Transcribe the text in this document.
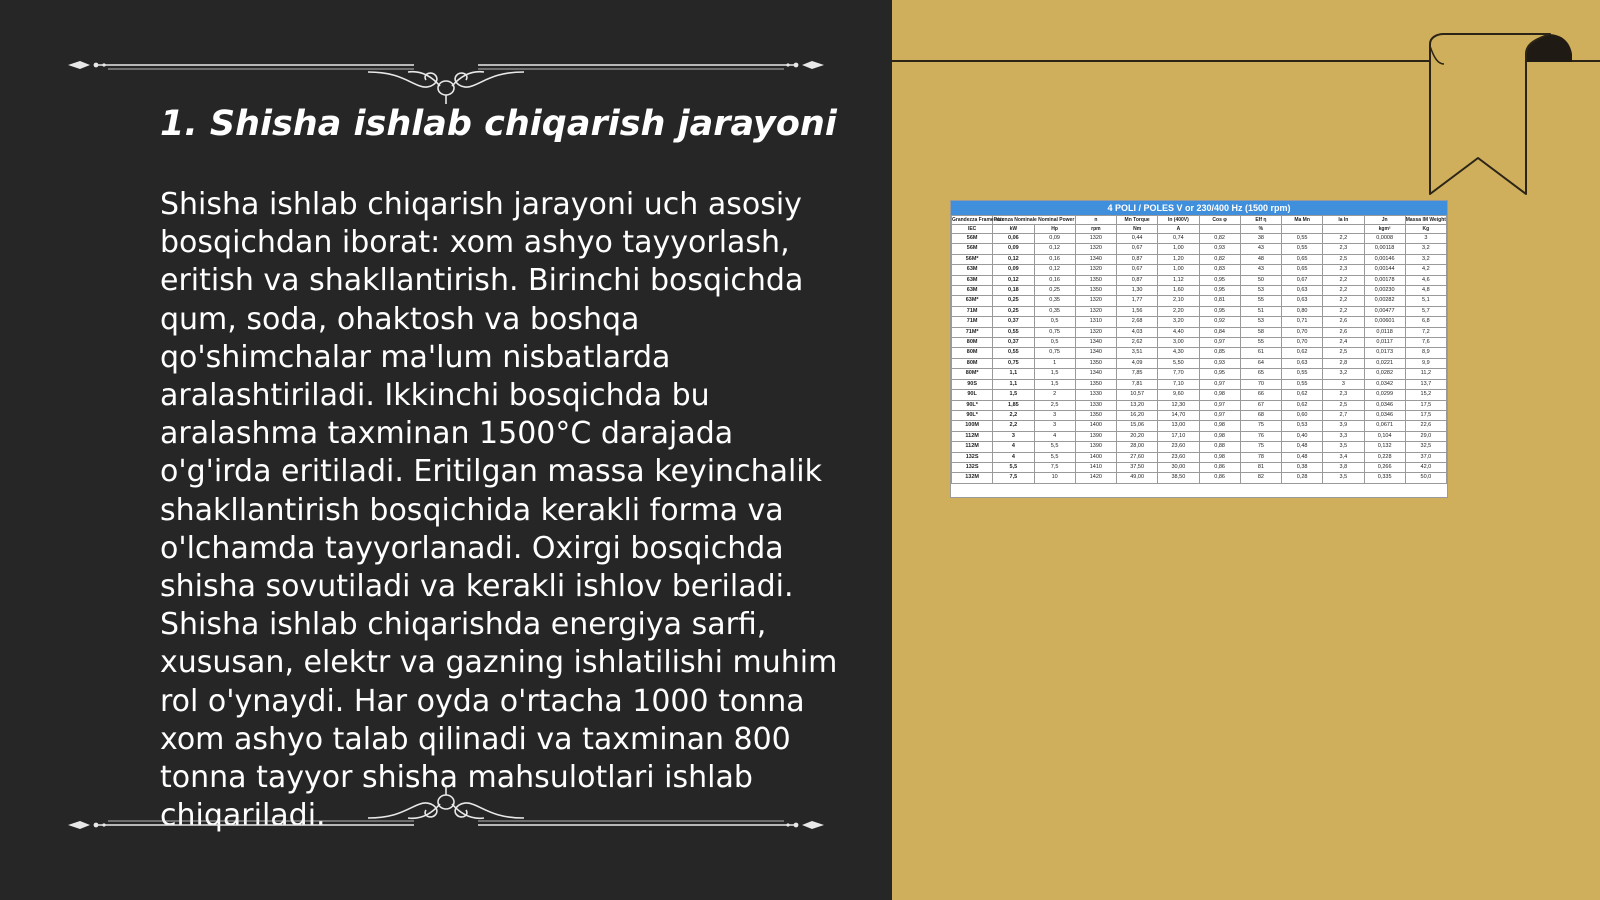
1. Shisha ishlab chiqarish jarayoni

Shisha ishlab chiqarish jarayoni uch asosiy bosqichdan iborat: xom ashyo tayyorlash, eritish va shakllantirish. Birinchi bosqichda qum, soda, ohaktosh va boshqa qo'shimchalar ma'lum nisbatlarda aralashtiriladi. Ikkinchi bosqichda bu aralashma taxminan 1500°C darajada o'g'irda eritiladi. Eritilgan massa keyinchalik shakllantirish bosqichida kerakli forma va o'lchamda tayyorlanadi. Oxirgi bosqichda shisha sovutiladi va kerakli ishlov beriladi. Shisha ishlab chiqarishda energiya sarfi, xususan, elektr va gazning ishlatilishi muhim rol o'ynaydi. Har oyda o'rtacha 1000 tonna xom ashyo talab qilinadi va taxminan 800 tonna tayyor shisha mahsulotlari ishlab chiqariladi.

4 POLI / POLES V or 230/400 Hz (1500 rpm)
Grandezza Frame size	Potenza Nominale Nominal Power		n	Mn Torque	In (400V)	Cos φ	Eff η	Ma Mn	Ia In	Jn	Massa IM Weight
IEC	kW	Hp	rpm	Nm	A		%			kgm²	Kg
56M	0,06	0,09	1320	0,44	0,74	0,82	38	0,55	2,2	0,0008	3
56M	0,09	0,12	1320	0,67	1,00	0,93	43	0,55	2,3	0,00118	3,2
56M*	0,12	0,16	1340	0,87	1,20	0,82	48	0,65	2,5	0,00146	3,2
63M	0,09	0,12	1320	0,67	1,00	0,83	43	0,65	2,3	0,00144	4,2
63M	0,12	0,16	1350	0,87	1,12	0,95	50	0,67	2,2	0,00178	4,6
63M	0,18	0,25	1350	1,30	1,60	0,95	53	0,63	2,2	0,00230	4,8
63M*	0,25	0,35	1320	1,77	2,10	0,81	55	0,63	2,2	0,00282	5,1
71M	0,25	0,35	1320	1,56	2,20	0,95	51	0,80	2,2	0,00477	5,7
71M	0,37	0,5	1310	2,68	3,20	0,92	53	0,71	2,6	0,00601	6,8
71M*	0,55	0,75	1320	4,03	4,40	0,84	58	0,70	2,6	0,0118	7,2
80M	0,37	0,5	1340	2,62	3,00	0,97	55	0,70	2,4	0,0117	7,6
80M	0,55	0,75	1340	3,51	4,30	0,85	61	0,62	2,5	0,0173	8,9
80M	0,75	1	1350	4,09	5,50	0,93	64	0,63	2,8	0,0221	9,9
80M*	1,1	1,5	1340	7,85	7,70	0,95	65	0,55	3,2	0,0282	11,2
90S	1,1	1,5	1350	7,81	7,10	0,97	70	0,55	3	0,0342	13,7
90L	1,5	2	1330	10,57	9,60	0,98	66	0,62	2,3	0,0299	15,2
90L*	1,85	2,5	1330	13,20	12,30	0,97	67	0,62	2,5	0,0346	17,5
90L*	2,2	3	1350	16,20	14,70	0,97	68	0,60	2,7	0,0346	17,5
100M	2,2	3	1400	15,06	13,00	0,98	75	0,53	3,9	0,0671	22,6
112M	3	4	1390	20,20	17,10	0,98	76	0,40	3,3	0,104	29,0
112M	4	5,5	1390	28,00	23,60	0,88	75	0,48	3,5	0,132	32,5
132S	4	5,5	1400	27,60	23,60	0,98	78	0,48	3,4	0,228	37,0
132S	5,5	7,5	1410	37,50	30,00	0,86	81	0,38	3,8	0,266	42,0
132M	7,5	10	1420	49,00	38,50	0,86	82	0,28	3,5	0,335	50,0
